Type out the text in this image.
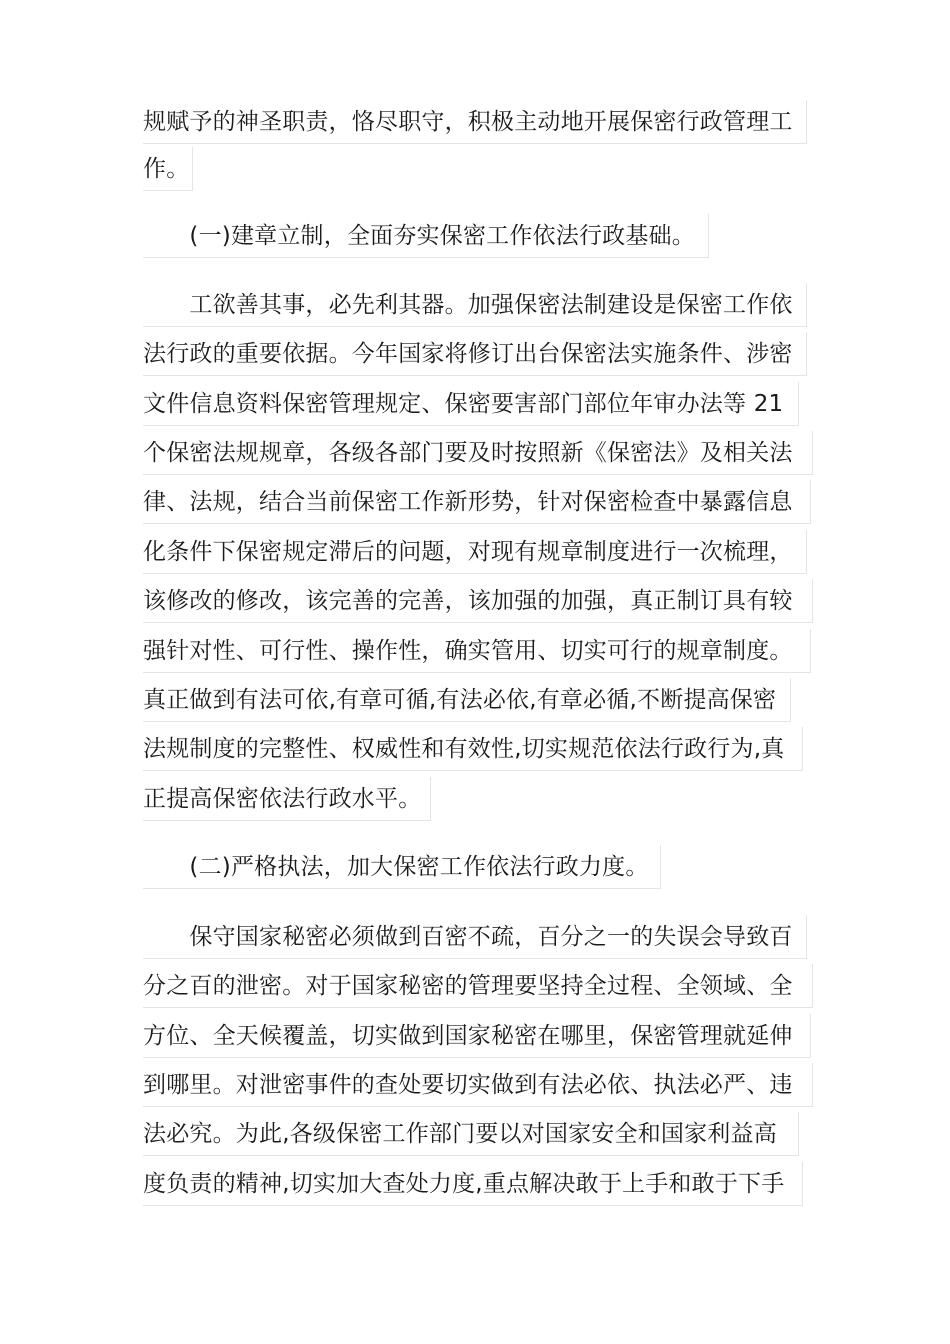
规赋予的神圣职责，恪尽职守，积极主动地开展保密行政管理工
作。
　　(一)建章立制，全面夯实保密工作依法行政基础。
　　工欲善其事，必先利其器。加强保密法制建设是保密工作依
法行政的重要依据。今年国家将修订出台保密法实施条件、涉密
文件信息资料保密管理规定、保密要害部门部位年审办法等 21
个保密法规规章，各级各部门要及时按照新《保密法》及相关法
律、法规，结合当前保密工作新形势，针对保密检查中暴露信息
化条件下保密规定滞后的问题，对现有规章制度进行一次梳理，
该修改的修改，该完善的完善，该加强的加强，真正制订具有较
强针对性、可行性、操作性，确实管用、切实可行的规章制度。
真正做到有法可依,有章可循,有法必依,有章必循,不断提高保密
法规制度的完整性、权威性和有效性,切实规范依法行政行为,真
正提高保密依法行政水平。
　　(二)严格执法，加大保密工作依法行政力度。
　　保守国家秘密必须做到百密不疏，百分之一的失误会导致百
分之百的泄密。对于国家秘密的管理要坚持全过程、全领域、全
方位、全天候覆盖，切实做到国家秘密在哪里，保密管理就延伸
到哪里。对泄密事件的查处要切实做到有法必依、执法必严、违
法必究。为此,各级保密工作部门要以对国家安全和国家利益高
度负责的精神,切实加大查处力度,重点解决敢于上手和敢于下手
